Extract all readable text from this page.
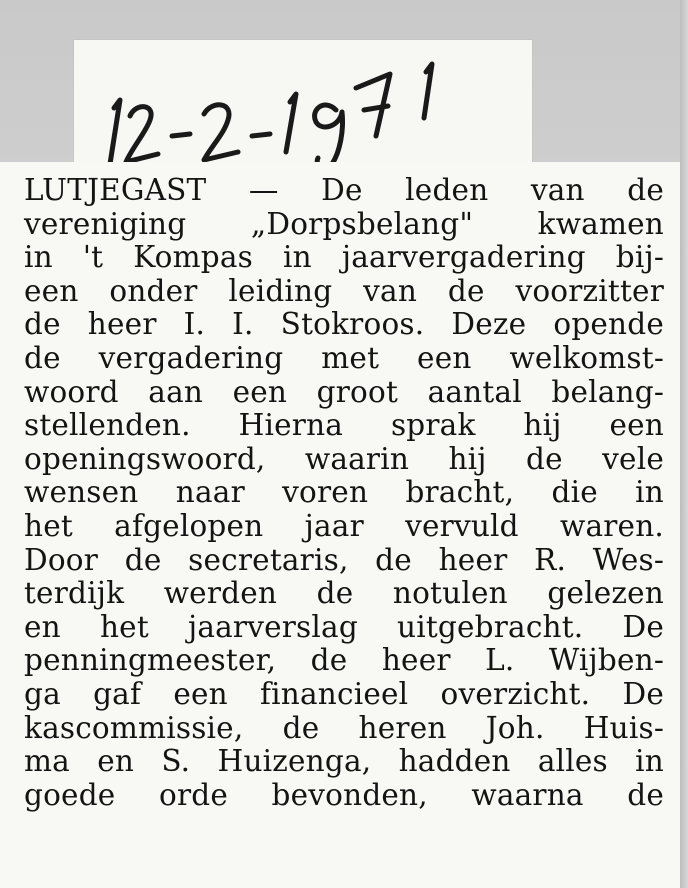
LUTJEGAST — De leden van de
vereniging „Dorpsbelang" kwamen
in 't Kompas in jaarvergadering bij-
een onder leiding van de voorzitter
de heer I. I. Stokroos. Deze opende
de vergadering met een welkomst-
woord aan een groot aantal belang-
stellenden. Hierna sprak hij een
openingswoord, waarin hij de vele
wensen naar voren bracht, die in
het afgelopen jaar vervuld waren.
Door de secretaris, de heer R. Wes-
terdijk werden de notulen gelezen
en het jaarverslag uitgebracht. De
penningmeester, de heer L. Wijben-
ga gaf een financieel overzicht. De
kascommissie, de heren Joh. Huis-
ma en S. Huizenga, hadden alles in
goede orde bevonden, waarna de
